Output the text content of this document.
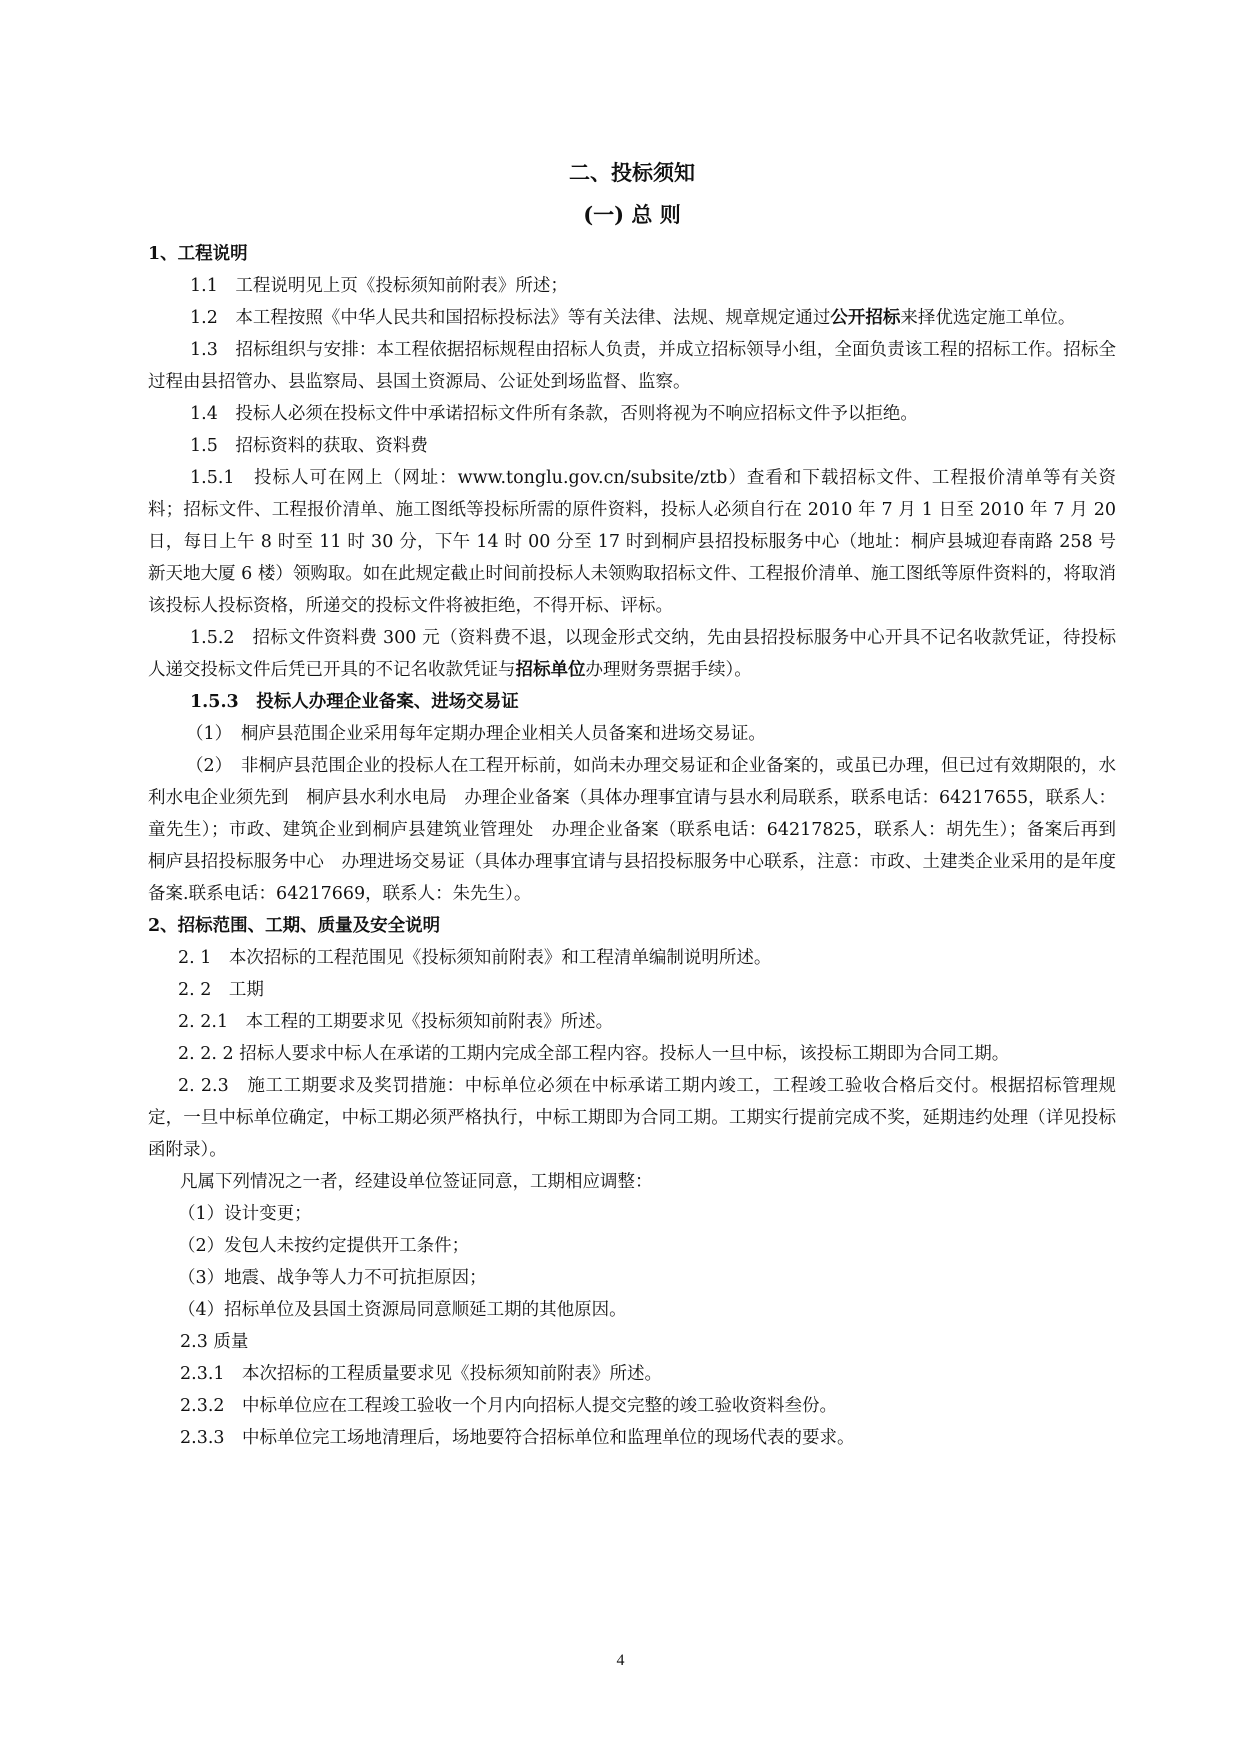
二、投标须知
(一) 总 则

1、工程说明

1.1　工程说明见上页《投标须知前附表》所述；

1.2　本工程按照《中华人民共和国招标投标法》等有关法律、法规、规章规定通过公开招标来择优选定施工单位。

1.3　招标组织与安排：本工程依据招标规程由招标人负责，并成立招标领导小组，全面负责该工程的招标工作。招标全过程由县招管办、县监察局、县国土资源局、公证处到场监督、监察。

1.4　投标人必须在投标文件中承诺招标文件所有条款，否则将视为不响应招标文件予以拒绝。

1.5　招标资料的获取、资料费

1.5.1　投标人可在网上（网址：www.tonglu.gov.cn/subsite/ztb）查看和下载招标文件、工程报价清单等有关资料；招标文件、工程报价清单、施工图纸等投标所需的原件资料，投标人必须自行在 2010 年 7 月 1 日至 2010 年 7 月 20 日，每日上午 8 时至 11 时 30 分，下午 14 时 00 分至 17 时到桐庐县招投标服务中心（地址：桐庐县城迎春南路 258 号新天地大厦 6 楼）领购取。如在此规定截止时间前投标人未领购取招标文件、工程报价清单、施工图纸等原件资料的，将取消该投标人投标资格，所递交的投标文件将被拒绝，不得开标、评标。

1.5.2　招标文件资料费 300 元（资料费不退，以现金形式交纳，先由县招投标服务中心开具不记名收款凭证，待投标人递交投标文件后凭已开具的不记名收款凭证与招标单位办理财务票据手续）。

1.5.3　投标人办理企业备案、进场交易证

（1）　桐庐县范围企业采用每年定期办理企业相关人员备案和进场交易证。

（2）　非桐庐县范围企业的投标人在工程开标前，如尚未办理交易证和企业备案的，或虽已办理，但已过有效期限的，水利水电企业须先到　桐庐县水利水电局　办理企业备案（具体办理事宜请与县水利局联系，联系电话：64217655，联系人：童先生）；市政、建筑企业到桐庐县建筑业管理处　办理企业备案（联系电话：64217825，联系人：胡先生）；备案后再到　桐庐县招投标服务中心　办理进场交易证（具体办理事宜请与县招投标服务中心联系，注意：市政、土建类企业采用的是年度备案.联系电话：64217669，联系人：朱先生）。

2、招标范围、工期、质量及安全说明

2. 1　本次招标的工程范围见《投标须知前附表》和工程清单编制说明所述。

2. 2　工期

2. 2.1　本工程的工期要求见《投标须知前附表》所述。

2. 2. 2 招标人要求中标人在承诺的工期内完成全部工程内容。投标人一旦中标，该投标工期即为合同工期。

2. 2.3　施工工期要求及奖罚措施：中标单位必须在中标承诺工期内竣工，工程竣工验收合格后交付。根据招标管理规定，一旦中标单位确定，中标工期必须严格执行，中标工期即为合同工期。工期实行提前完成不奖，延期违约处理（详见投标函附录）。

凡属下列情况之一者，经建设单位签证同意，工期相应调整：

（1）设计变更；

（2）发包人未按约定提供开工条件；

（3）地震、战争等人力不可抗拒原因；

（4）招标单位及县国土资源局同意顺延工期的其他原因。

2.3 质量

2.3.1　本次招标的工程质量要求见《投标须知前附表》所述。

2.3.2　中标单位应在工程竣工验收一个月内向招标人提交完整的竣工验收资料叁份。

2.3.3　中标单位完工场地清理后，场地要符合招标单位和监理单位的现场代表的要求。

4
